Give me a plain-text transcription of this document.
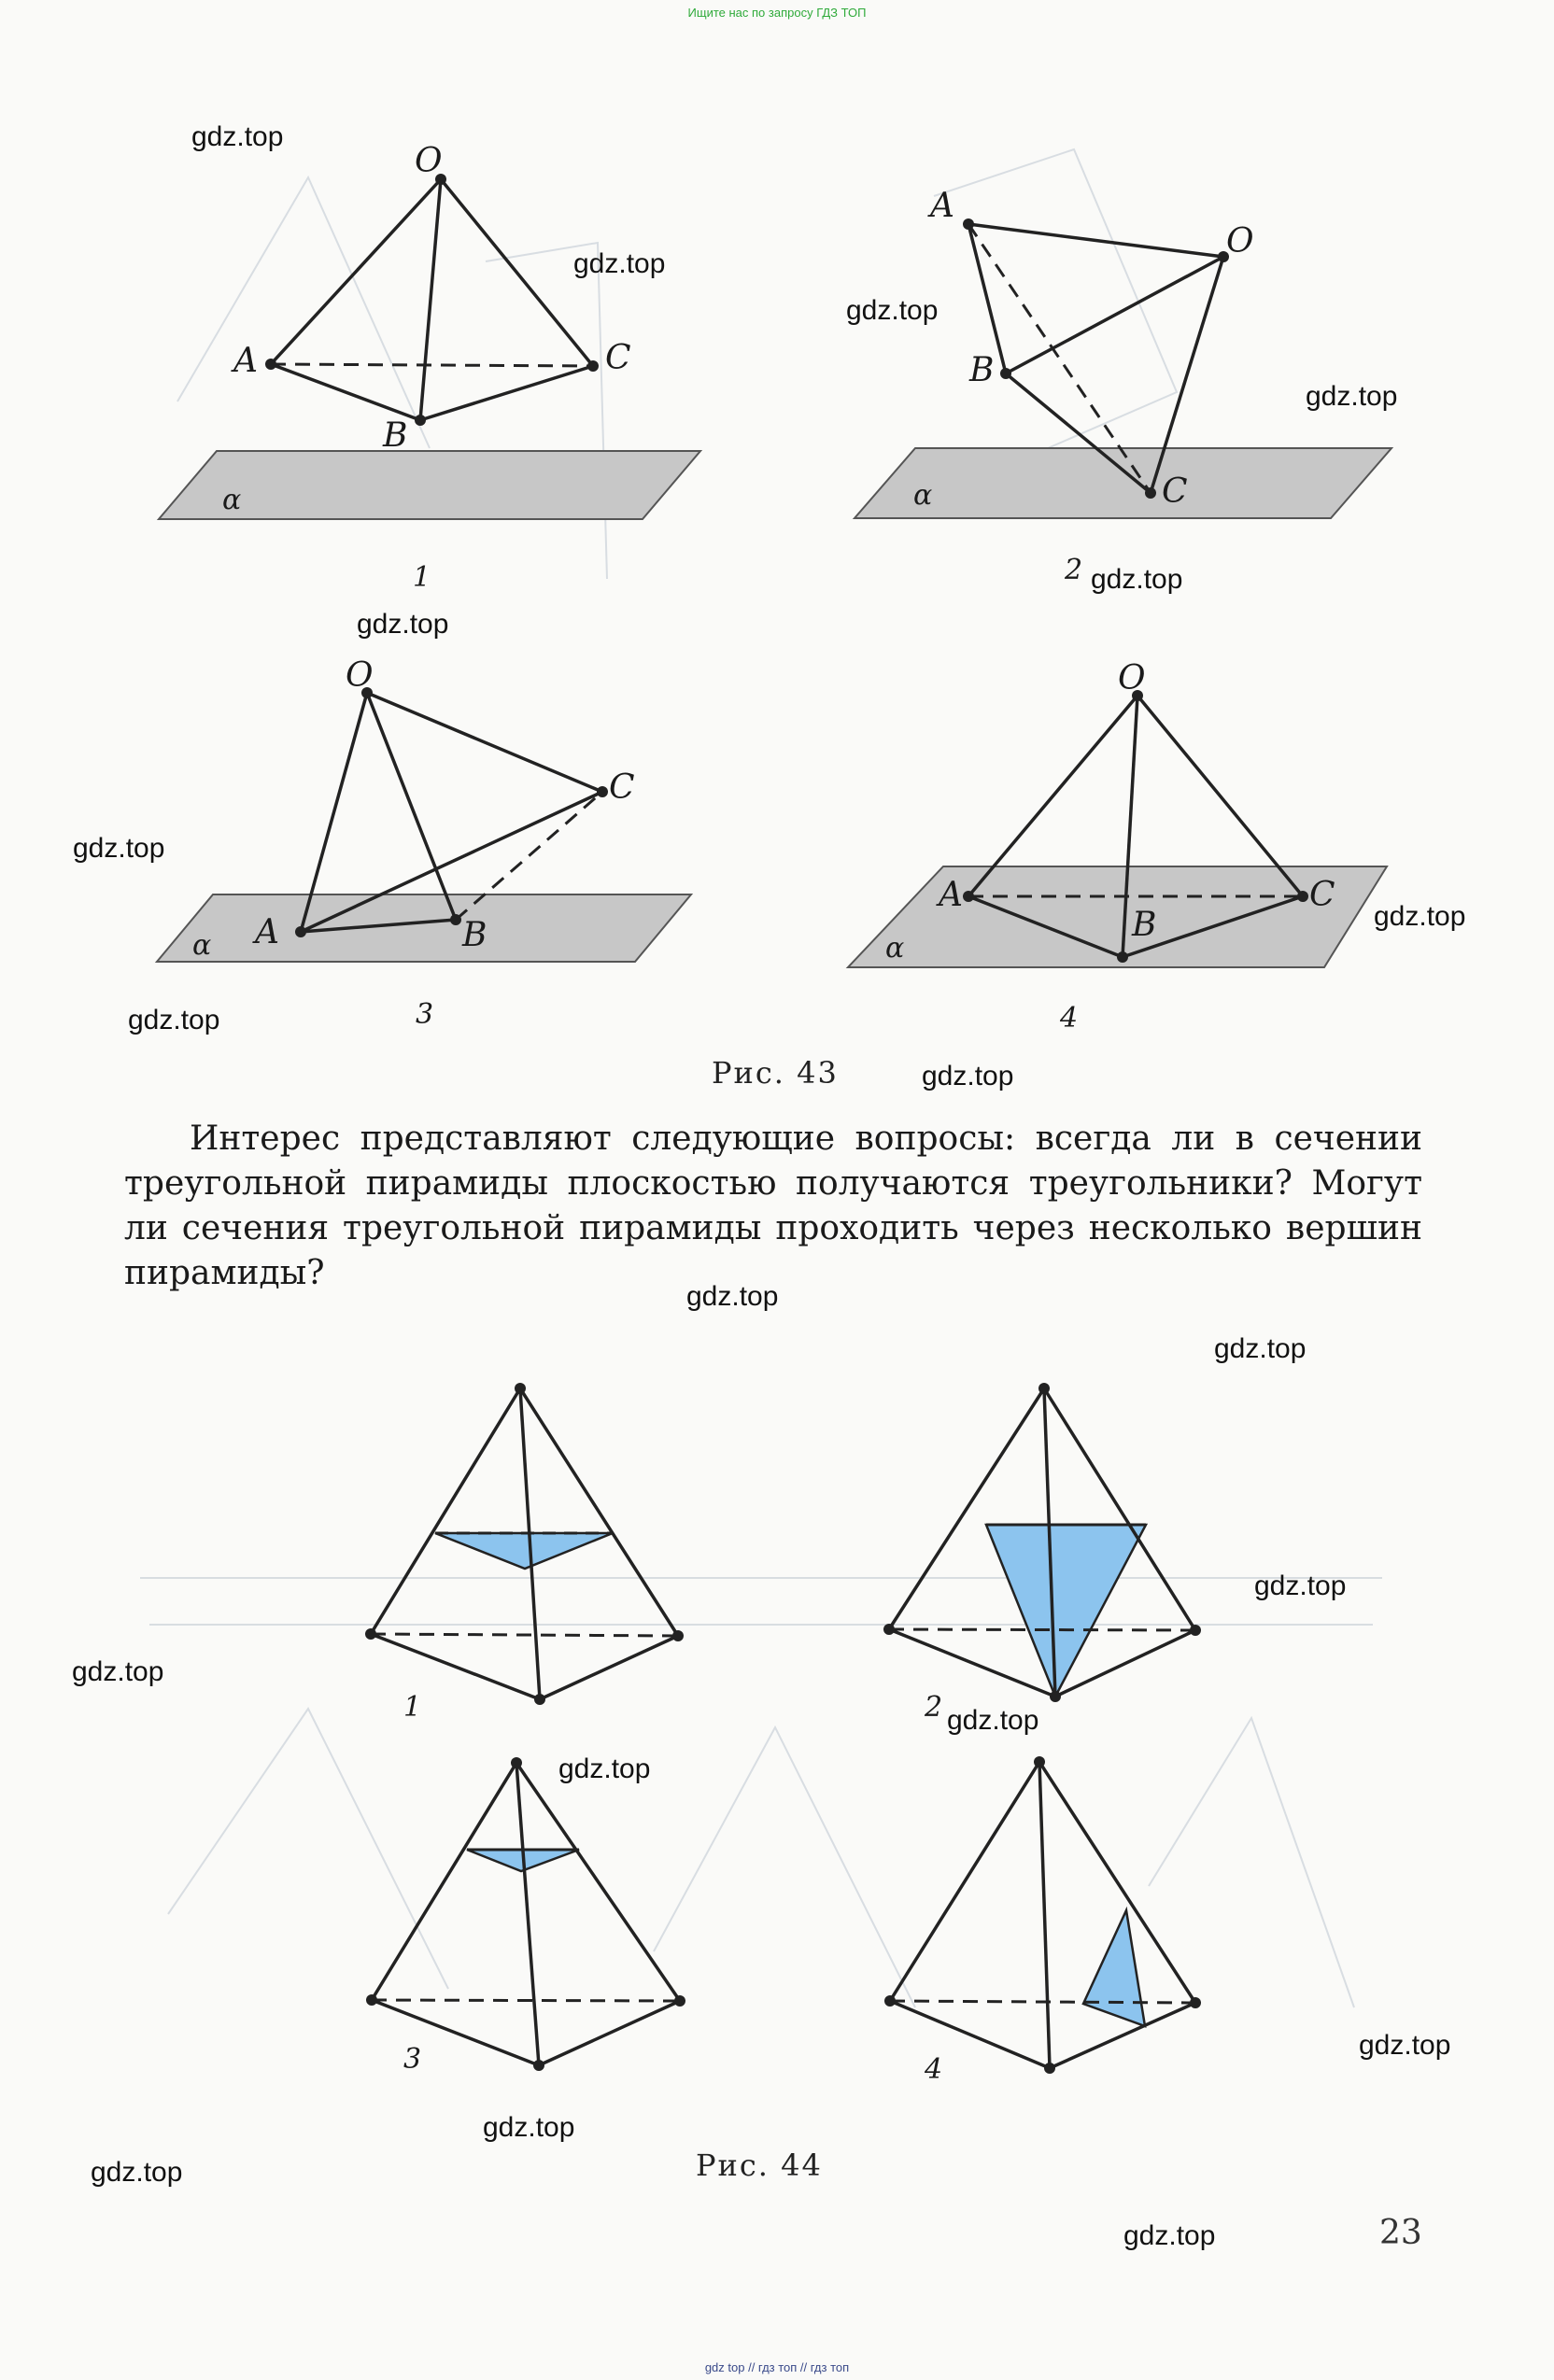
Ищите нас по запросу ГДЗ ТОП
O
A
B
C
α
1
A
O
B
C
α
2
O
C
A	B
α
3
O
A
B
C
α
4
1	2
3	4
Рис. 43
Интерес представляют следующие вопросы: всегда ли в сечении треугольной пирамиды плоскостью получаются треугольники? Могут ли сечения треугольной пирамиды проходить через несколько вершин пирамиды?
Рис. 44
23
gdz.top
gdz.top
gdz.top
gdz.top
gdz.top
gdz.top
gdz.top
gdz.top
gdz.top
gdz.top
gdz.top
gdz.top
gdz.top
gdz.top
gdz.top
gdz.top
gdz.top
gdz.top
gdz.top
gdz.top
gdz top // гдз топ // гдз топ
